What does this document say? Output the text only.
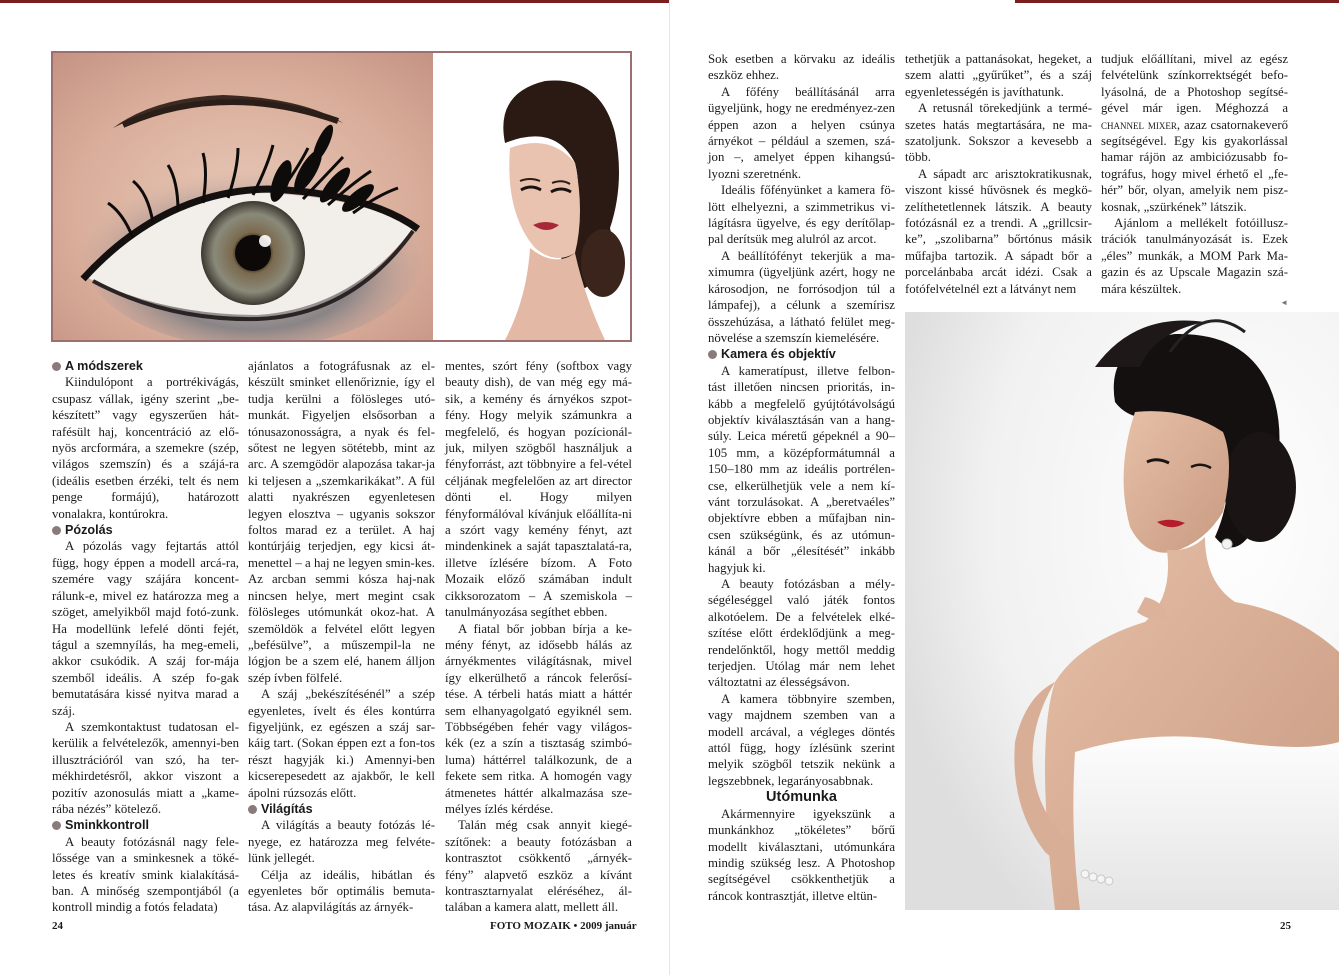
A módszerek

Kiindulópont a portrékivágás, csupasz vállak, igény szerint „be-készített” vagy egyszerűen hát-rafésült haj, koncentráció az elő-nyös arcformára, a szemekre (szép, világos szemszín) és a szájá-ra (ideális esetben érzéki, telt és nem penge formájú), határozott vonalakra, kontúrokra.

Pózolás

A pózolás vagy fejtartás attól függ, hogy éppen a modell arcá-ra, szemére vagy szájára koncent-rálunk-e, mivel ez határozza meg a szöget, amelyikből majd fotó-zunk. Ha modellünk lefelé dönti fejét, tágul a szemnyílás, ha meg-emeli, akkor csukódik. A száj for-mája szemből ideális. A szép fo-gak bemutatására kissé nyitva marad a száj.

A szemkontaktust tudatosan el-kerülik a felvételezők, amennyi-ben illusztrációról van szó, ha ter-mékhirdetésről, akkor viszont a pozitív azonosulás miatt a „kame-rába nézés” kötelező.

Sminkkontroll

A beauty fotózásnál nagy fele-lőssége van a sminkesnek a töké-letes és kreatív smink kialakításá-ban. A minőség szempontjából (a kontroll mindig a fotós feladata)

ajánlatos a fotográfusnak az el-készült sminket ellenőriznie, így el tudja kerülni a fölösleges utó-munkát. Figyeljen elsősorban a tónusazonosságra, a nyak és fel-sőtest ne legyen sötétebb, mint az arc. A szemgödör alapozása takar-ja ki teljesen a „szemkarikákat”. A fül alatti nyakrészen egyenletesen legyen elosztva – ugyanis sokszor foltos marad ez a terület. A haj kontúrjáig terjedjen, egy kicsi át-menettel – a haj ne legyen smin-kes. Az arcban semmi kósza haj-nak nincsen helye, mert megint csak fölösleges utómunkát okoz-hat. A szemöldök a felvétel előtt legyen „befésülve”, a műszempil-la ne lógjon be a szem elé, hanem álljon szép ívben fölfelé.

A száj „bekészítésénél” a szép egyenletes, ívelt és éles kontúrra figyeljünk, ez egészen a száj sar-káig tart. (Sokan éppen ezt a fon-tos részt hagyják ki.) Amennyi-ben kicserepesedett az ajakbőr, le kell ápolni rúzsozás előtt.

Világítás

A világítás a beauty fotózás lé-nyege, ez határozza meg felvéte-lünk jellegét.

Célja az ideális, hibátlan és egyenletes bőr optimális bemuta-tása. Az alapvilágítás az árnyék-

mentes, szórt fény (softbox vagy beauty dish), de van még egy má-sik, a kemény és árnyékos szpot-fény. Hogy melyik számunkra a megfelelő, és hogyan pozícionál-juk, milyen szögből használjuk a fényforrást, azt többnyire a fel-vétel céljának megfelelően az art director dönti el. Hogy milyen fényformálóval kívánjuk előállíta-ni a szórt vagy kemény fényt, azt mindenkinek a saját tapasztalatá-ra, illetve ízlésére bízom. A Foto Mozaik előző számában indult cikksorozatom – A szemiskola – tanulmányozása segíthet ebben.

A fiatal bőr jobban bírja a ke-mény fényt, az idősebb hálás az árnyékmentes világításnak, mivel így elkerülhető a ráncok felerősí-tése. A térbeli hatás miatt a háttér sem elhanyagolgató egyiknél sem. Többségében fehér vagy világos-kék (ez a szín a tisztaság szimbó-luma) háttérrel találkozunk, de a fekete sem ritka. A homogén vagy átmenetes háttér alkalmazása sze-mélyes ízlés kérdése.

Talán még csak annyit kiegé-szítőnek: a beauty fotózásban a kontrasztot csökkentő „árnyék-fény” alapvető eszköz a kívánt kontrasztarnyalat eléréséhez, ál-talában a kamera alatt, mellett áll.

24	FOTO MOZAIK • 2009 január

Sok esetben a körvaku az ideális eszköz ehhez.

A főfény beállításánál arra ügyeljünk, hogy ne eredményez-zen éppen azon a helyen csúnya árnyékot – például a szemen, szá-jon –, amelyet éppen kihangsú-lyozni szeretnénk.

Ideális főfényünket a kamera fö-lött elhelyezni, a szimmetrikus vi-lágításra ügyelve, és egy derítőlap-pal derítsük meg alulról az arcot.

A beállítófényt tekerjük a ma-ximumra (ügyeljünk azért, hogy ne károsodjon, ne forrósodjon túl a lámpafej), a célunk a szemírisz összehúzása, a látható felület meg-növelése a szemszín kiemelésére.

Kamera és objektív

A kameratípust, illetve felbon-tást illetően nincsen prioritás, in-kább a megfelelő gyújtótávolságú objektív kiválasztásán van a hang-súly. Leica méretű gépeknél a 90–105 mm, a középformátumnál a 150–180 mm az ideális portrélen-cse, elkerülhetjük vele a nem kí-vánt torzulásokat. A „beretvaéles” objektívre ebben a műfajban nin-csen szükségünk, és az utómun-kánál a bőr „élesítését” inkább hagyjuk ki.

A beauty fotózásban a mély-ségéleséggel való játék fontos alkotóelem. De a felvételek elké-szítése előtt érdeklődjünk a meg-rendelőnktől, hogy mettől meddig terjedjen. Utólag már nem lehet változtatni az élességsávon.

A kamera többnyire szemben, vagy majdnem szemben van a modell arcával, a végleges döntés attól függ, hogy ízlésünk szerint melyik szögből tetszik nekünk a legszebbnek, legarányosabbnak.

Utómunka

Akármennyire igyekszünk a munkánkhoz „tökéletes” bőrű modellt kiválasztani, utómunkára mindig szükség lesz. A Photoshop segítségével csökkenthetjük a ráncok kontrasztját, illetve eltün-

tethetjük a pattanásokat, hegeket, a szem alatti „gyűrűket”, és a száj egyenletességén is javíthatunk.

A retusnál törekedjünk a termé-szetes hatás megtartására, ne ma-szatoljunk. Sokszor a kevesebb a több.

A sápadt arc arisztokratikusnak, viszont kissé hűvösnek és megkö-zelíthetetlennek látszik. A beauty fotózásnál ez a trendi. A „grillcsir-ke”, „szolibarna” bőrtónus másik műfajba tartozik. A sápadt bőr a porcelánbaba arcát idézi. Csak a fotófelvételnél ezt a látványt nem

tudjuk előállítani, mivel az egész felvételünk színkorrektségét befo-lyásolná, de a Photoshop segítsé-gével már igen. Méghozzá a channel mixer, azaz csatornakeverő segítségével. Egy kis gyakorlással hamar rájön az ambiciózusabb fo-tográfus, hogy mivel érhető el „fe-hér” bőr, olyan, amelyik nem pisz-kosnak, „szürkének” látszik.

Ajánlom a mellékelt fotóillusz-trációk tanulmányozását is. Ezek „éles” munkák, a MOM Park Ma-gazin és az Upscale Magazin szá-mára készültek.

◄
25
